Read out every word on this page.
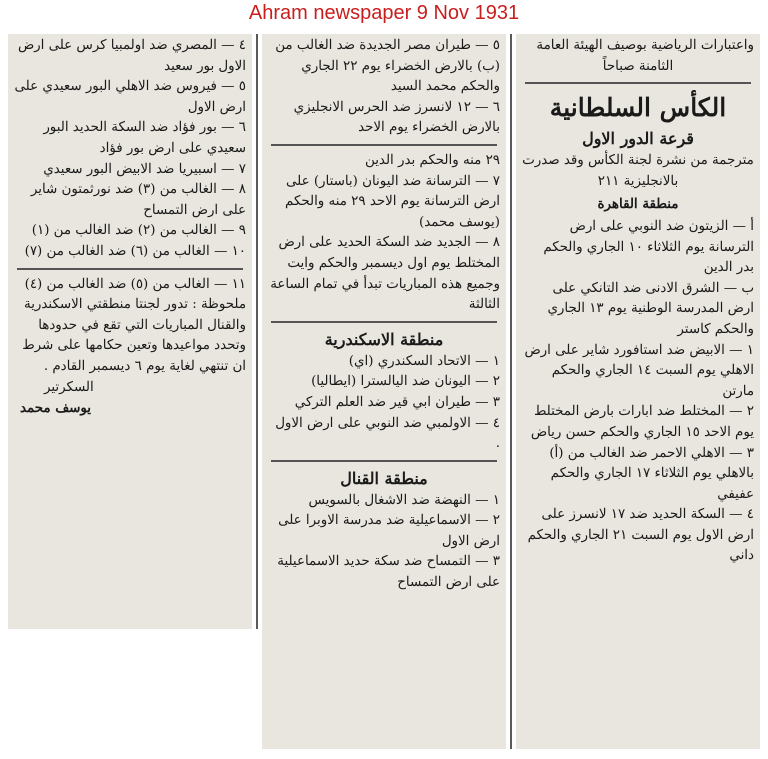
Ahram newspaper 9 Nov 1931

٤ — المصري ضد اولمبيا كرس على ارض الاول بور سعيد

٥ — فيروس ضد الاهلي البور سعيدي على ارض الاول

٦ — بور فؤاد ضد السكة الحديد البور سعيدي على ارض بور فؤاد

٧ — اسبيريا ضد الابيض البور سعيدي

٨ — الغالب من (٣) ضد نورثمتون شاير على ارض التمساح

٩ — الغالب من (٢) ضد الغالب من (١)

١٠ — الغالب من (٦) ضد الغالب من (٧)

١١ — الغالب من (٥) ضد الغالب من (٤)

ملحوظة : تدور لجنتا منطقتي الاسكندرية والقنال المباريات التي تقع في حدودها وتحدد مواعيدها وتعين حكامها على شرط ان تنتهي لغاية يوم ٦ ديسمبر القادم .

السكرتير

يوسف محمد

٥ — طيران مصر الجديدة ضد الغالب من (ب) بالارض الخضراء يوم ٢٢ الجاري والحكم محمد السيد

٦ — ١٢ لانسرز ضد الحرس الانجليزي بالارض الخضراء يوم الاحد

٢٩ منه والحكم بدر الدين

٧ — الترسانة ضد اليونان (باستار) على ارض الترسانة يوم الاحد ٢٩ منه والحكم (يوسف محمد)

٨ — الجديد ضد السكة الحديد على ارض المختلط يوم اول ديسمبر والحكم وايت

وجميع هذه المباريات تبدأ في تمام الساعة الثالثة

منطقة الاسكندرية

١ — الاتحاد السكندري (اي)

٢ — اليونان ضد اليالسترا (ايطاليا)

٣ — طيران ابي قير ضد العلم التركي

٤ — الاولمبي ضد النوبي على ارض الاول .

منطقة القنال

١ — النهضة ضد الاشغال بالسويس

٢ — الاسماعيلية ضد مدرسة الاوبرا على ارض الاول

٣ — التمساح ضد سكة حديد الاسماعيلية على ارض التمساح

واعتبارات الرياضية بوصيف الهيئة العامة

الثامنة صباحاً

الكأس السلطانية

قرعة الدور الاول

مترجمة من نشرة لجنة الكأس وقد صدرت بالانجليزية ٢١١

منطقة القاهرة

أ — الزيتون ضد النوبي على ارض الترسانة يوم الثلاثاء ١٠ الجاري والحكم بدر الدين

ب — الشرق الادنى ضد التانكي على ارض المدرسة الوطنية يوم ١٣ الجاري والحكم كاستر

١ — الابيض ضد استافورد شاير على ارض الاهلي يوم السبت ١٤ الجاري والحكم مارتن

٢ — المختلط ضد ابارات بارض المختلط يوم الاحد ١٥ الجاري والحكم حسن رياض

٣ — الاهلي الاحمر ضد الغالب من (أ) بالاهلي يوم الثلاثاء ١٧ الجاري والحكم عفيفي

٤ — السكة الحديد ضد ١٧ لانسرز على ارض الاول يوم السبت ٢١ الجاري والحكم داني
